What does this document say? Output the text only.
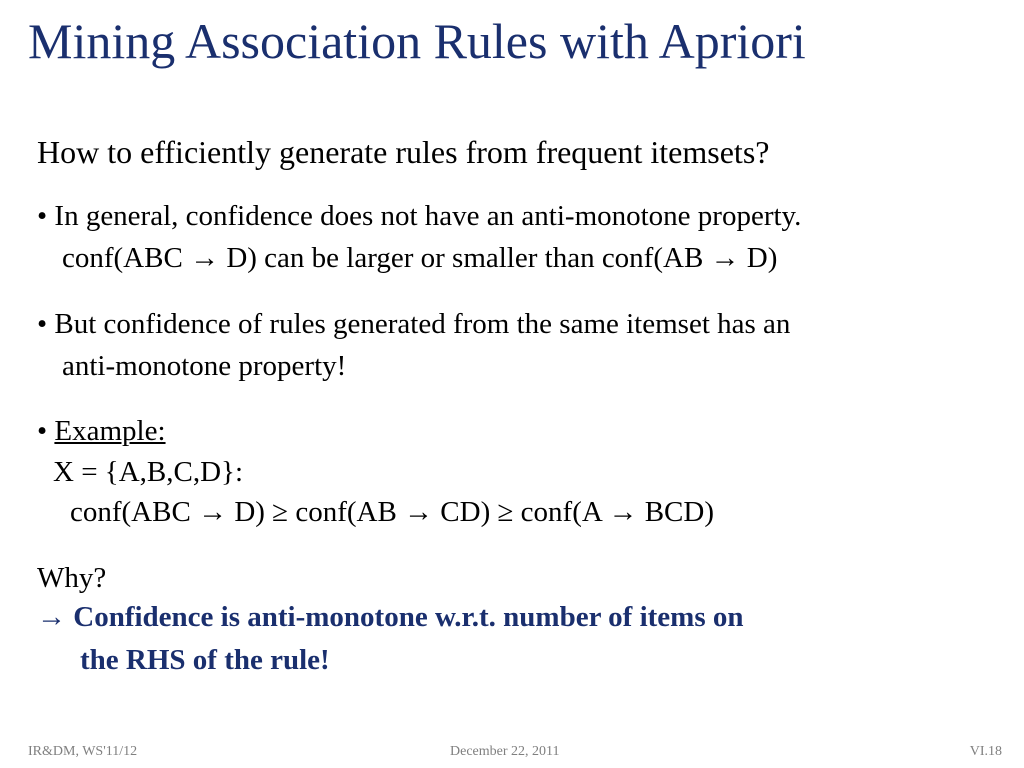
Mining Association Rules with Apriori
How to efficiently generate rules from frequent itemsets?
• In general, confidence does not have an anti-monotone property.
conf(ABC → D) can be larger or smaller than conf(AB → D)
• But confidence of rules generated from the same itemset has an
anti-monotone property!
• Example:
X = {A,B,C,D}:
conf(ABC → D) ≥ conf(AB → CD) ≥ conf(A → BCD)
Why?
→ Confidence is anti-monotone w.r.t. number of items on
the RHS of the rule!
IR&DM, WS'11/12	December 22, 2011	VI.18
